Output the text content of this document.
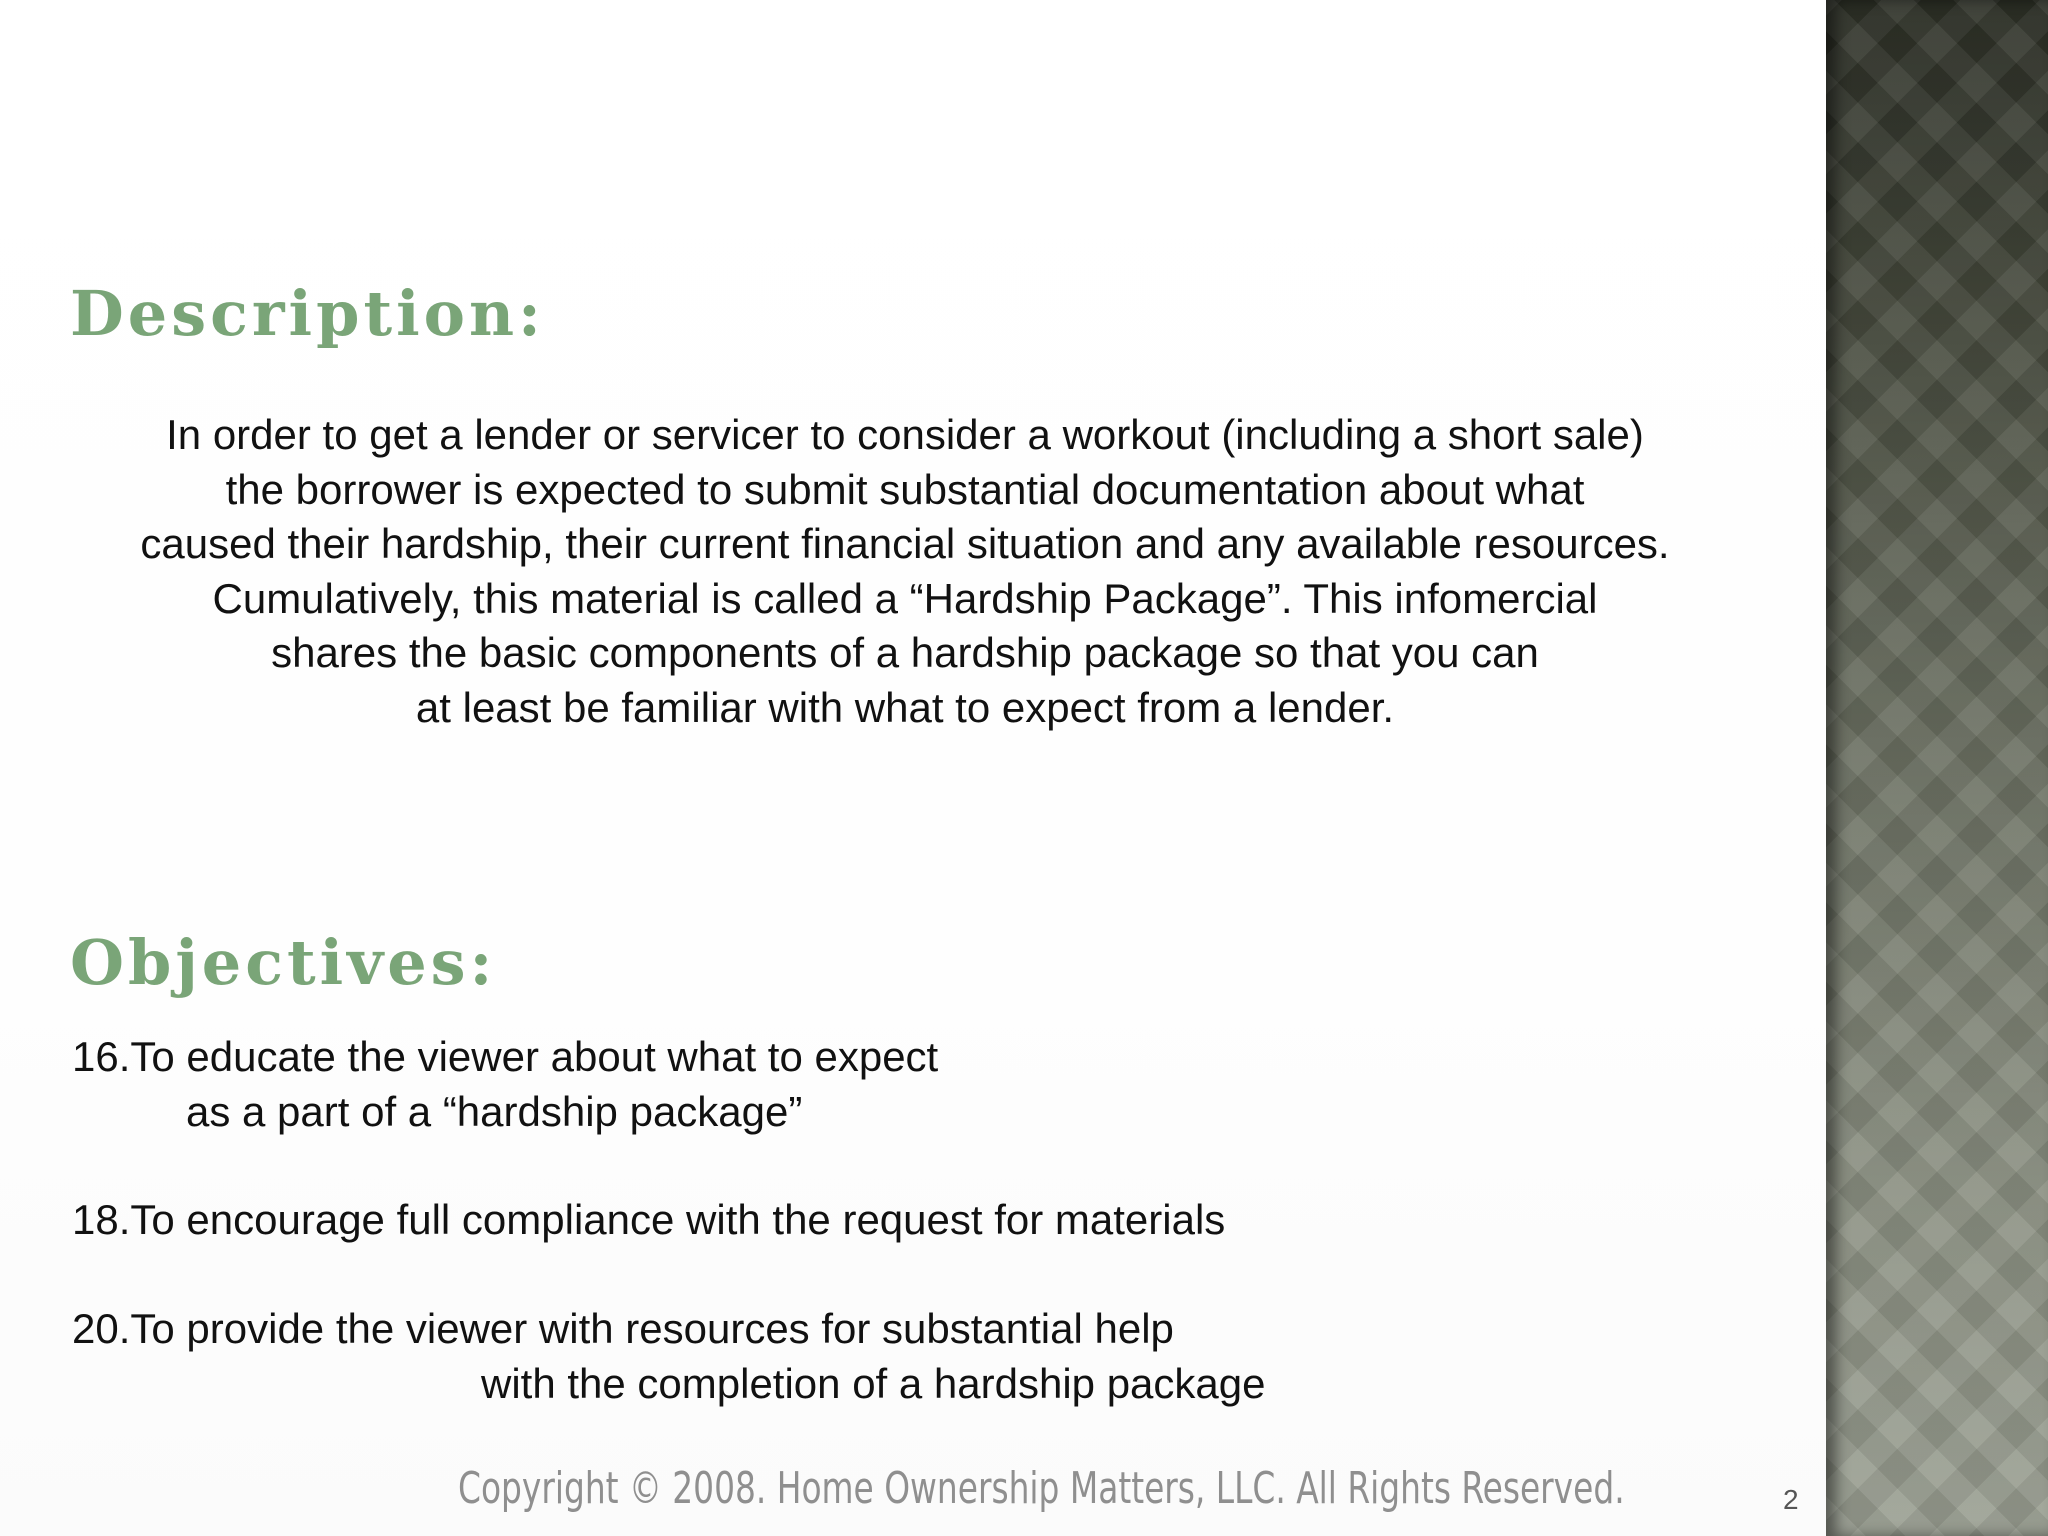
Description:
In order to get a lender or servicer to consider a workout (including a short sale)
the borrower is expected to submit substantial documentation about what
caused their hardship, their current financial situation and any available resources.
Cumulatively, this material is called a “Hardship Package”. This infomercial
shares the basic components of a hardship package so that you can
at least be familiar with what to expect from a lender.
Objectives:
16.To educate the viewer about what to expect
as a part of a “hardship package”
18.To encourage full compliance with the request for materials
20.To provide the viewer with resources for substantial help
with the completion of a hardship package
Copyright © 2008. Home Ownership Matters, LLC. All Rights Reserved.	2
